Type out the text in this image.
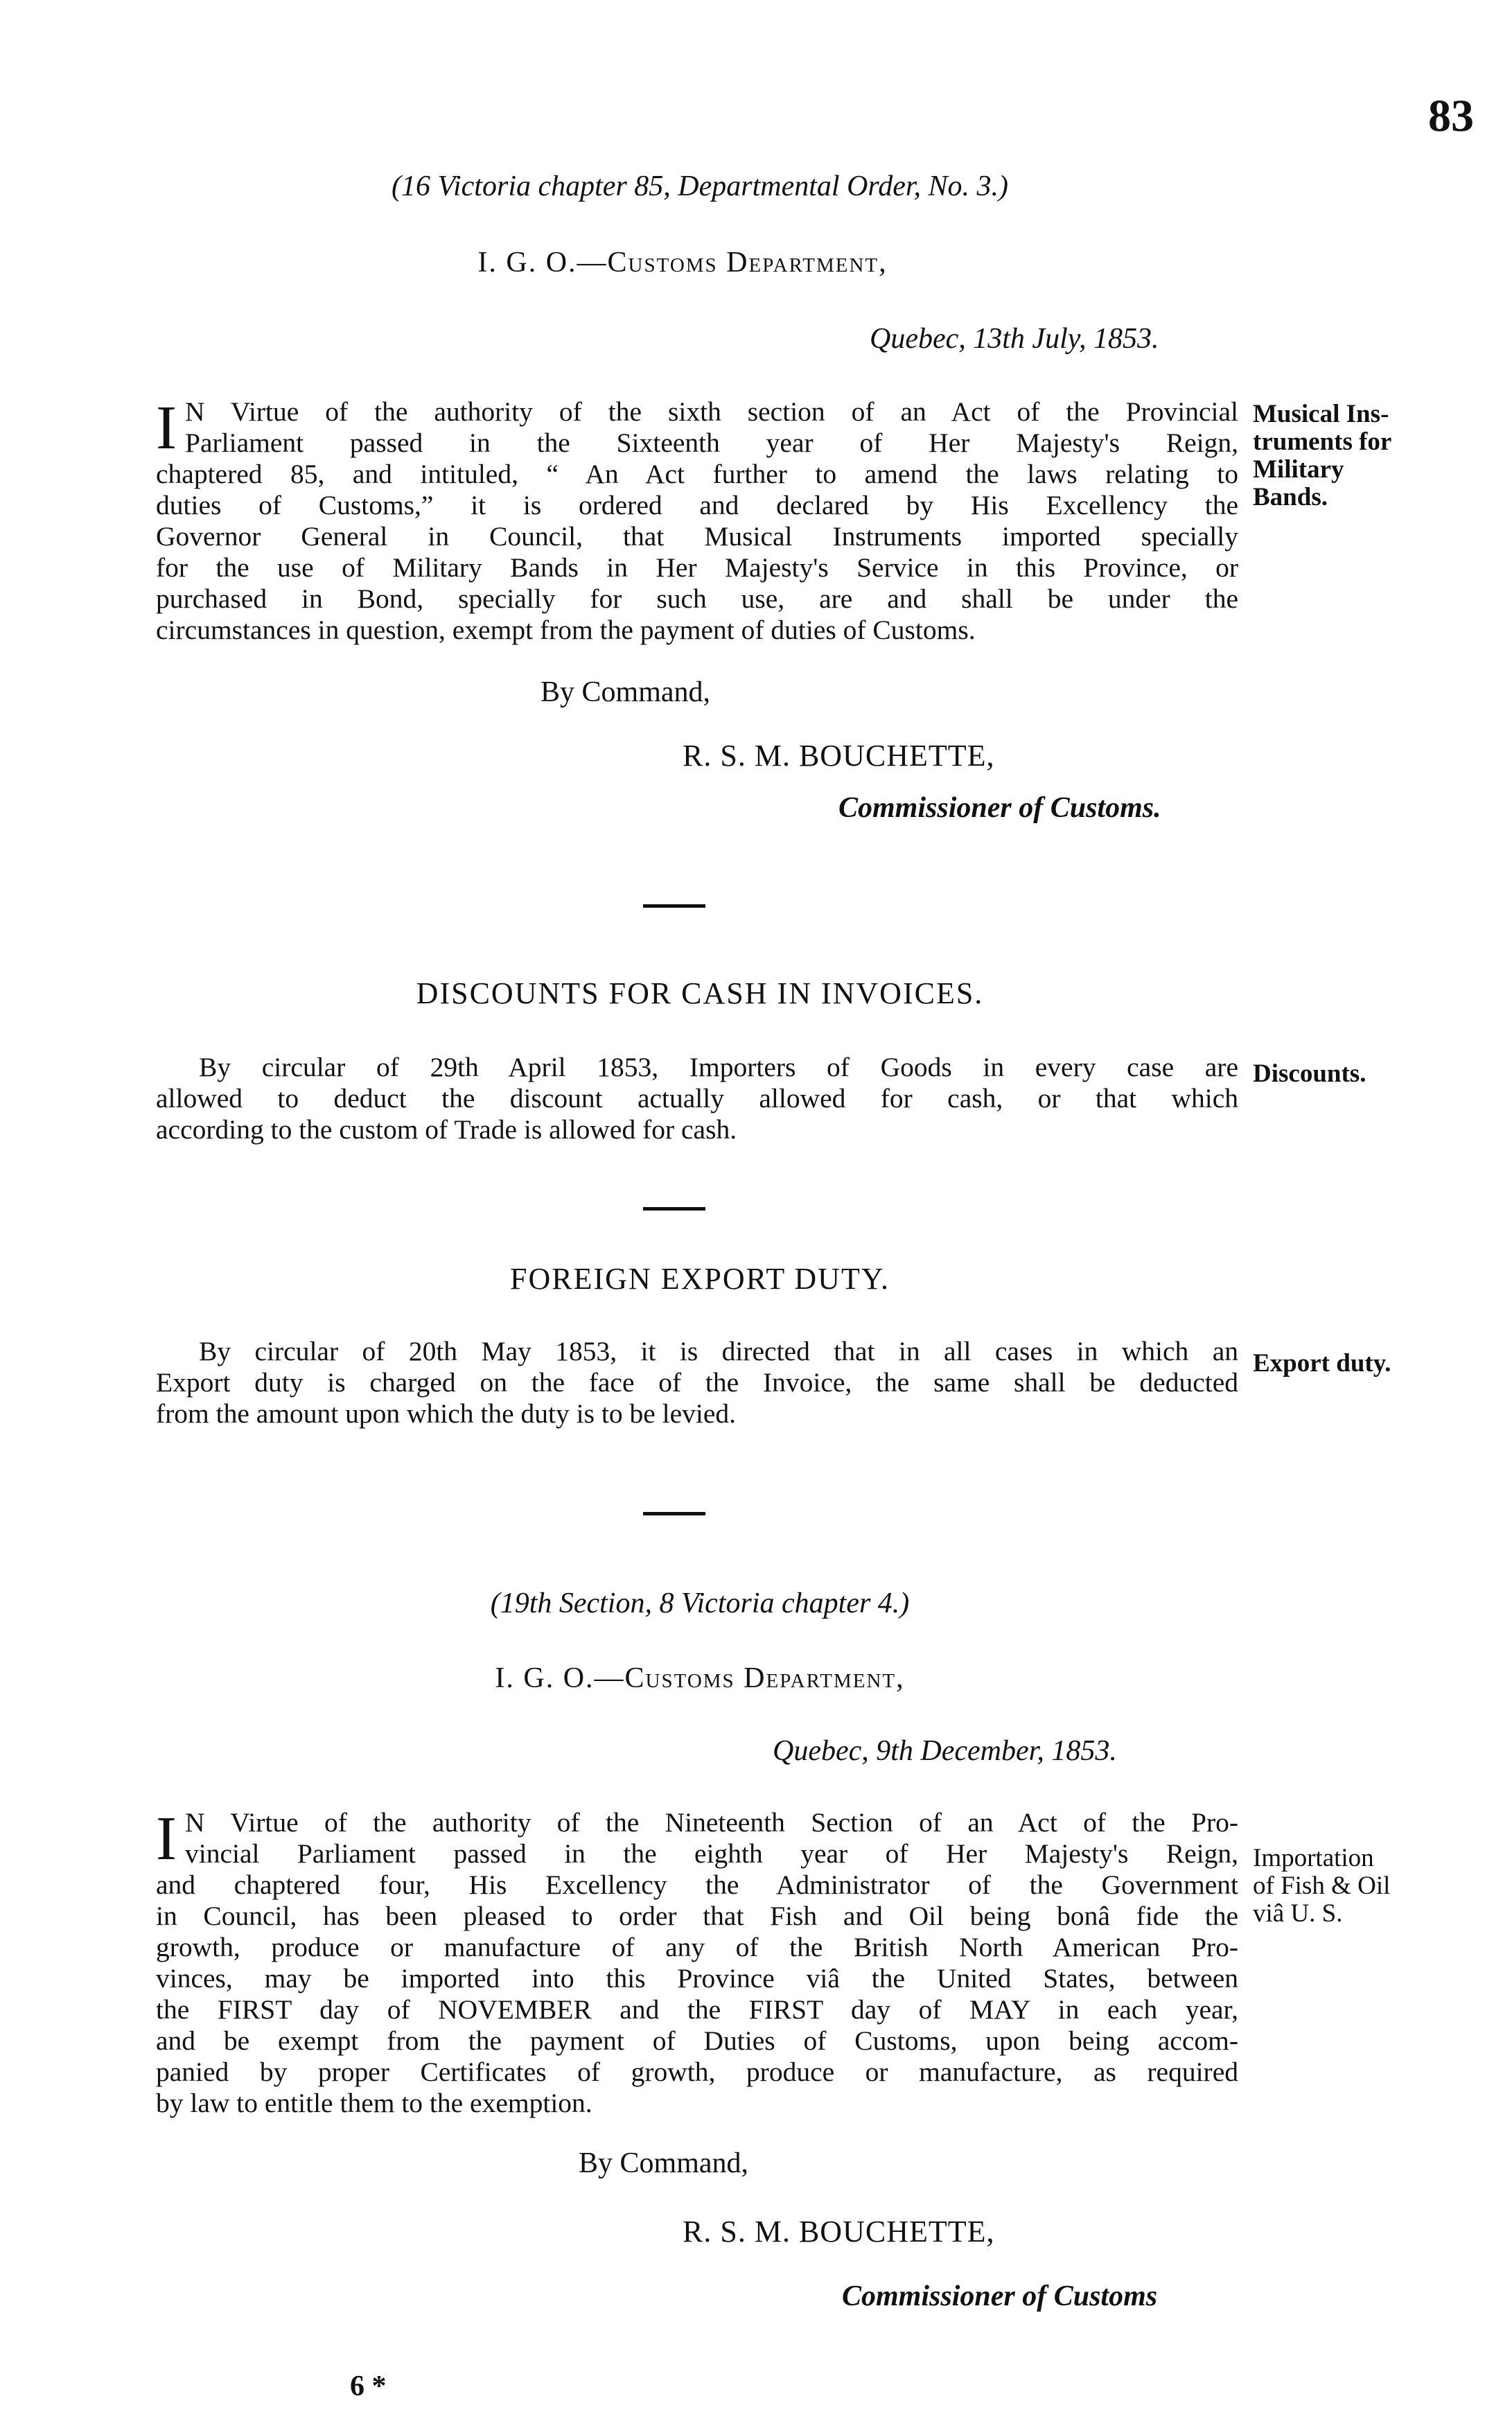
83
(16 Victoria chapter 85, Departmental Order, No. 3.)
I. G. O.—Customs Department,
Quebec, 13th July, 1853.
I N Virtue of the authority of the sixth section of an Act of the Provincial
Parliament passed in the Sixteenth year of Her Majesty's Reign,
chaptered 85, and intituled, “ An Act further to amend the laws relating to
duties of Customs,” it is ordered and declared by His Excellency the
Governor General in Council, that Musical Instruments imported specially
for the use of Military Bands in Her Majesty's Service in this Province, or
purchased in Bond, specially for such use, are and shall be under the
circumstances in question, exempt from the payment of duties of Customs.
Musical Ins-
truments for
Military
Bands.
By Command,
R. S. M. BOUCHETTE,
Commissioner of Customs.
DISCOUNTS FOR CASH IN INVOICES.
By circular of 29th April 1853, Importers of Goods in every case are
allowed to deduct the discount actually allowed for cash, or that which
according to the custom of Trade is allowed for cash.
Discounts.
FOREIGN EXPORT DUTY.
By circular of 20th May 1853, it is directed that in all cases in which an
Export duty is charged on the face of the Invoice, the same shall be deducted
from the amount upon which the duty is to be levied.
Export duty.
(19th Section, 8 Victoria chapter 4.)
I. G. O.—Customs Department,
Quebec, 9th December, 1853.
I N Virtue of the authority of the Nineteenth Section of an Act of the Pro-
vincial Parliament passed in the eighth year of Her Majesty's Reign,
and chaptered four, His Excellency the Administrator of the Government
in Council, has been pleased to order that Fish and Oil being bonâ fide the
growth, produce or manufacture of any of the British North American Pro-
vinces, may be imported into this Province viâ the United States, between
the FIRST day of NOVEMBER and the FIRST day of MAY in each year,
and be exempt from the payment of Duties of Customs, upon being accom-
panied by proper Certificates of growth, produce or manufacture, as required
by law to entitle them to the exemption.
Importation
of Fish & Oil
viâ U. S.
By Command,
R. S. M. BOUCHETTE,
Commissioner of Customs
6 *
